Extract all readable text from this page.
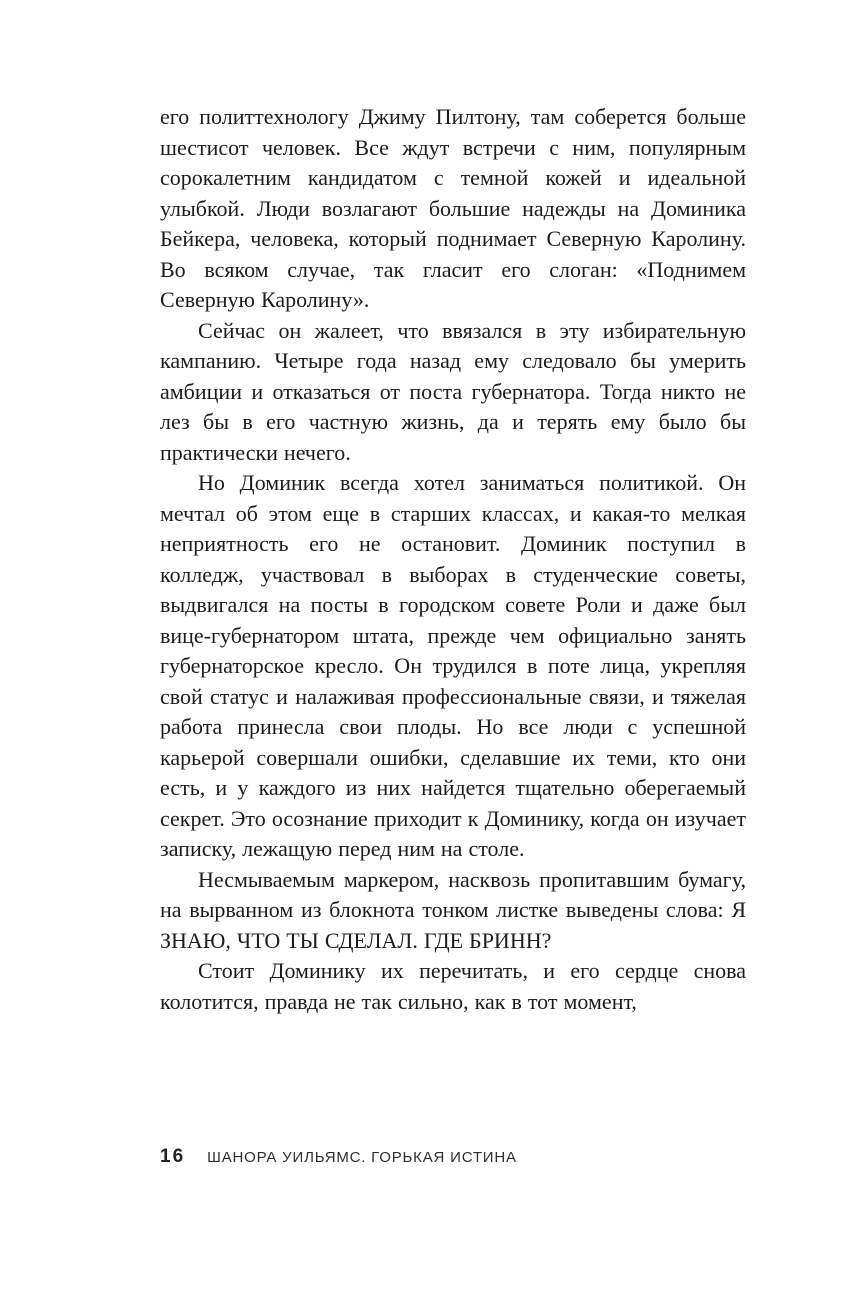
его политтехнологу Джиму Пилтону, там соберется больше шестисот человек. Все ждут встречи с ним, популярным сорокалетним кандидатом с темной кожей и идеальной улыбкой. Люди возлагают большие надежды на Доминика Бейкера, человека, который поднимает Северную Каролину. Во всяком случае, так гласит его слоган: «Поднимем Северную Каролину».

Сейчас он жалеет, что ввязался в эту избирательную кампанию. Четыре года назад ему следовало бы умерить амбиции и отказаться от поста губернатора. Тогда никто не лез бы в его частную жизнь, да и терять ему было бы практически нечего.

Но Доминик всегда хотел заниматься политикой. Он мечтал об этом еще в старших классах, и какая-то мелкая неприятность его не остановит. Доминик поступил в колледж, участвовал в выборах в студенческие советы, выдвигался на посты в городском совете Роли и даже был вице-губернатором штата, прежде чем официально занять губернаторское кресло. Он трудился в поте лица, укрепляя свой статус и налаживая профессиональные связи, и тяжелая работа принесла свои плоды. Но все люди с успешной карьерой совершали ошибки, сделавшие их теми, кто они есть, и у каждого из них найдется тщательно оберегаемый секрет. Это осознание приходит к Доминику, когда он изучает записку, лежащую перед ним на столе.

Несмываемым маркером, насквозь пропитавшим бумагу, на вырванном из блокнота тонком листке выведены слова: Я ЗНАЮ, ЧТО ТЫ СДЕЛАЛ. ГДЕ БРИНН?

Стоит Доминику их перечитать, и его сердце снова колотится, правда не так сильно, как в тот момент,

16 ШАНОРА УИЛЬЯМС. ГОРЬКАЯ ИСТИНА
